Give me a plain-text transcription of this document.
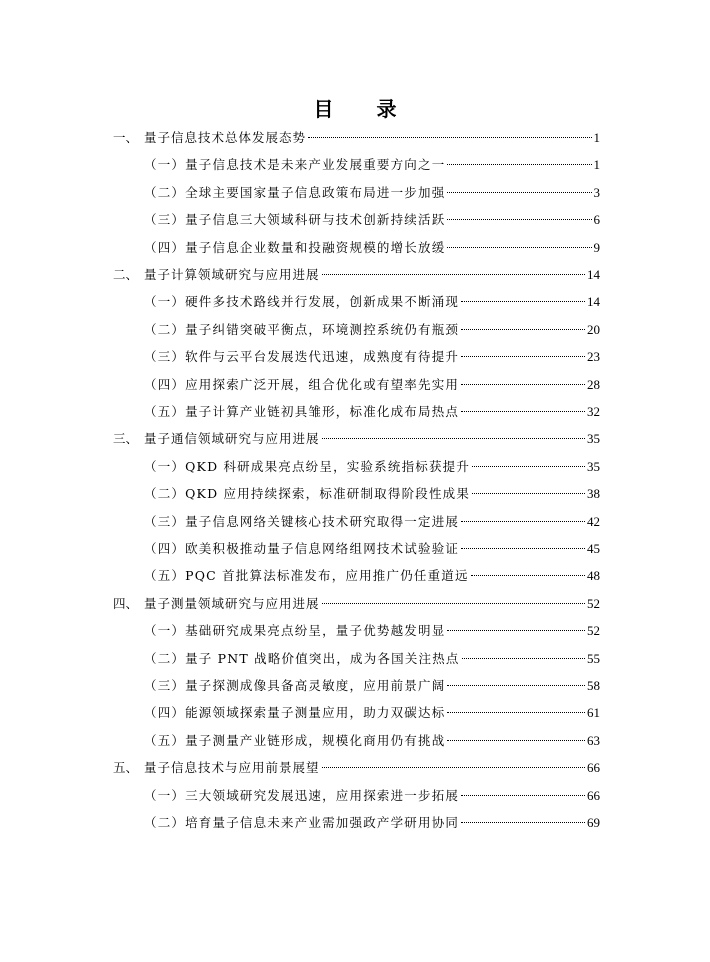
目 录
一、 量子信息技术总体发展态势	1
（一）量子信息技术是未来产业发展重要方向之一	1
（二）全球主要国家量子信息政策布局进一步加强	3
（三）量子信息三大领域科研与技术创新持续活跃	6
（四）量子信息企业数量和投融资规模的增长放缓	9
二、 量子计算领域研究与应用进展	14
（一）硬件多技术路线并行发展，创新成果不断涌现	14
（二）量子纠错突破平衡点，环境测控系统仍有瓶颈	20
（三）软件与云平台发展迭代迅速，成熟度有待提升	23
（四）应用探索广泛开展，组合优化或有望率先实用	28
（五）量子计算产业链初具雏形，标准化成布局热点	32
三、 量子通信领域研究与应用进展	35
（一）QKD 科研成果亮点纷呈，实验系统指标获提升	35
（二）QKD 应用持续探索，标准研制取得阶段性成果	38
（三）量子信息网络关键核心技术研究取得一定进展	42
（四）欧美积极推动量子信息网络组网技术试验验证	45
（五）PQC 首批算法标准发布，应用推广仍任重道远	48
四、 量子测量领域研究与应用进展	52
（一）基础研究成果亮点纷呈，量子优势越发明显	52
（二）量子 PNT 战略价值突出，成为各国关注热点	55
（三）量子探测成像具备高灵敏度，应用前景广阔	58
（四）能源领域探索量子测量应用，助力双碳达标	61
（五）量子测量产业链形成，规模化商用仍有挑战	63
五、 量子信息技术与应用前景展望	66
（一）三大领域研究发展迅速，应用探索进一步拓展	66
（二）培育量子信息未来产业需加强政产学研用协同	69
